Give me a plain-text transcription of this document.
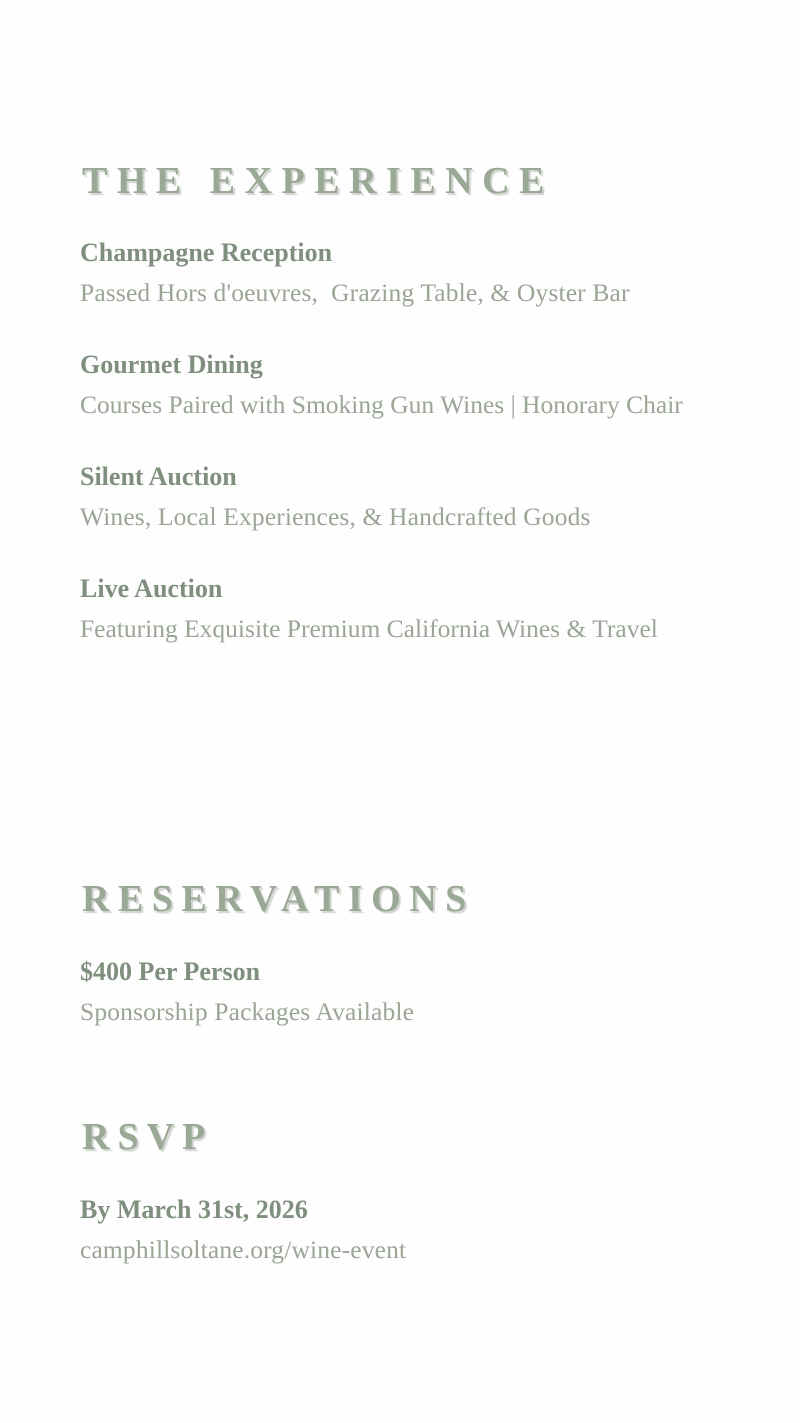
THE EXPERIENCE
Champagne Reception
Passed Hors d'oeuvres,  Grazing Table, & Oyster Bar
Gourmet Dining
Courses Paired with Smoking Gun Wines | Honorary Chair
Silent Auction
Wines, Local Experiences, & Handcrafted Goods
Live Auction
Featuring Exquisite Premium California Wines & Travel
RESERVATIONS
$400 Per Person
Sponsorship Packages Available
RSVP
By March 31st, 2026
camphillsoltane.org/wine-event
